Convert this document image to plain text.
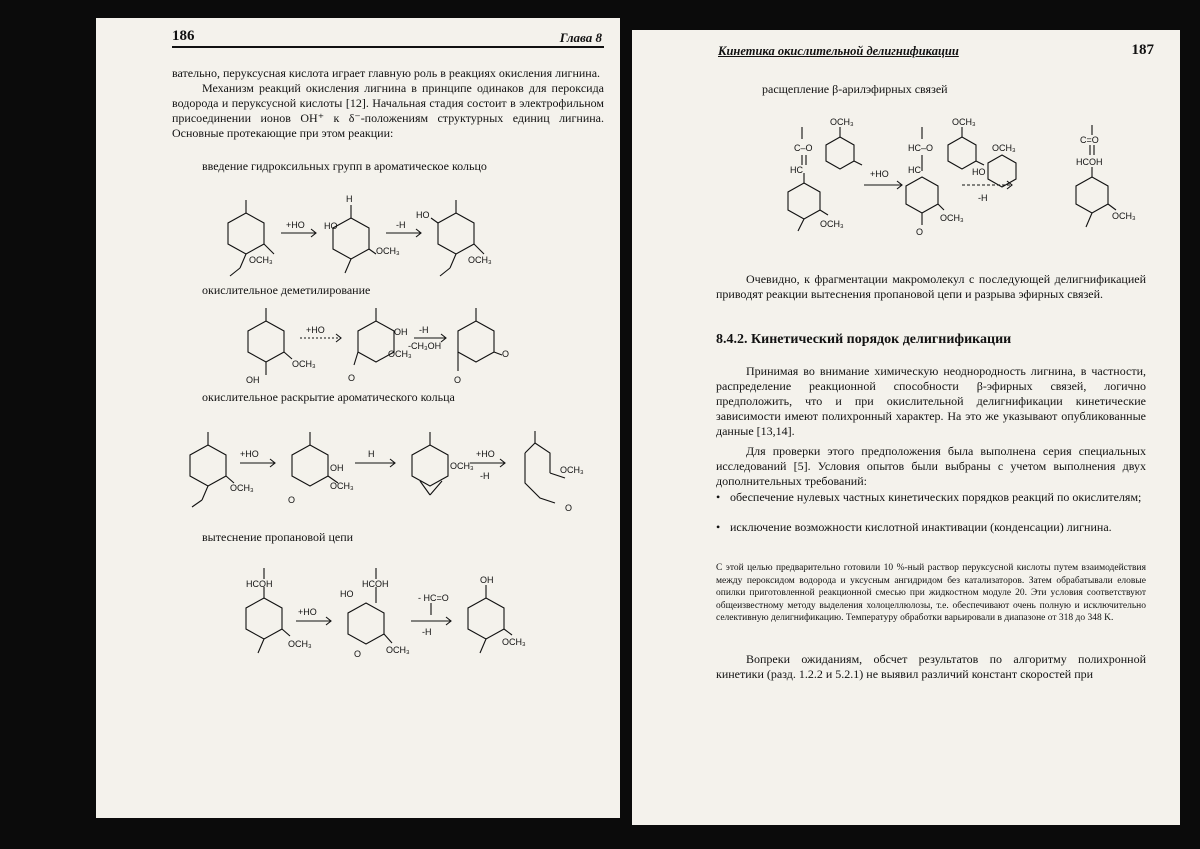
186	Глава 8

вательно, перуксусная кислота играет главную роль в реакциях окисления лигнина.

Механизм реакций окисления лигнина в принципе одинаков для пероксида водорода и перуксусной кислоты [12]. Начальная стадия состоит в электрофильном присоединении ионов OH⁺ к δ⁻-положениям структурных единиц лигнина. Основные протекающие при этом реакции:

введение гидроксильных групп в ароматическое кольцо
OCH₃
+HO HO
H
OCH₃
-H
HO
OCH₃
окислительное деметилирование
OH
OCH₃
+HO	OH
OCH₃
O
-H
-CH₃OH
O
O
окислительное раскрытие ароматического кольца
OCH₃
+HO
OH
OCH₃
O
H
OCH₃
+HO
-H
OCH₃
O
вытеснение пропановой цепи
HCOH
OCH₃
+HO
HO
HCOH
OCH₃
O
- HC=O
-H
OH
OCH₃
Кинетика окислительной делигнификации	187
расщепление β-арилэфирных связей
C–O
OCH₃
HC
OCH₃
+HO
HC–O
OCH₃
HC
OCH₃
O
OCH₃
HO
-H
C=O
HCOH
OCH₃

Очевидно, к фрагментации макромолекул с последующей делигнификацией приводят реакции вытеснения пропановой цепи и разрыва эфирных связей.

8.4.2. Кинетический порядок делигнификации

Принимая во внимание химическую неоднородность лигнина, в частности, распределение реакционной способности β-эфирных связей, логично предположить, что и при окислительной делигнификации кинетические зависимости имеют полихронный характер. На это же указывают опубликованные данные [13,14].

Для проверки этого предположения была выполнена серия специальных исследований [5]. Условия опытов были выбраны с учетом выполнения двух дополнительных требований:

• обеспечение нулевых частных кинетических порядков реакций по окислителям;
• исключение возможности кислотной инактивации (конденсации) лигнина.
С этой целью предварительно готовили 10 %-ный раствор перуксусной кислоты путем взаимодействия между пероксидом водорода и уксусным ангидридом без катализаторов. Затем обрабатывали еловые опилки приготовленной реакционной смесью при жидкостном модуле 20. Эти условия соответствуют общеизвестному методу выделения холоцеллюлозы, т.е. обеспечивают очень полную и исключительно селективную делигнификацию. Температуру обработки варьировали в диапазоне от 318 до 348 K.

Вопреки ожиданиям, обсчет результатов по алгоритму полихронной кинетики (разд. 1.2.2 и 5.2.1) не выявил различий констант скоростей при
